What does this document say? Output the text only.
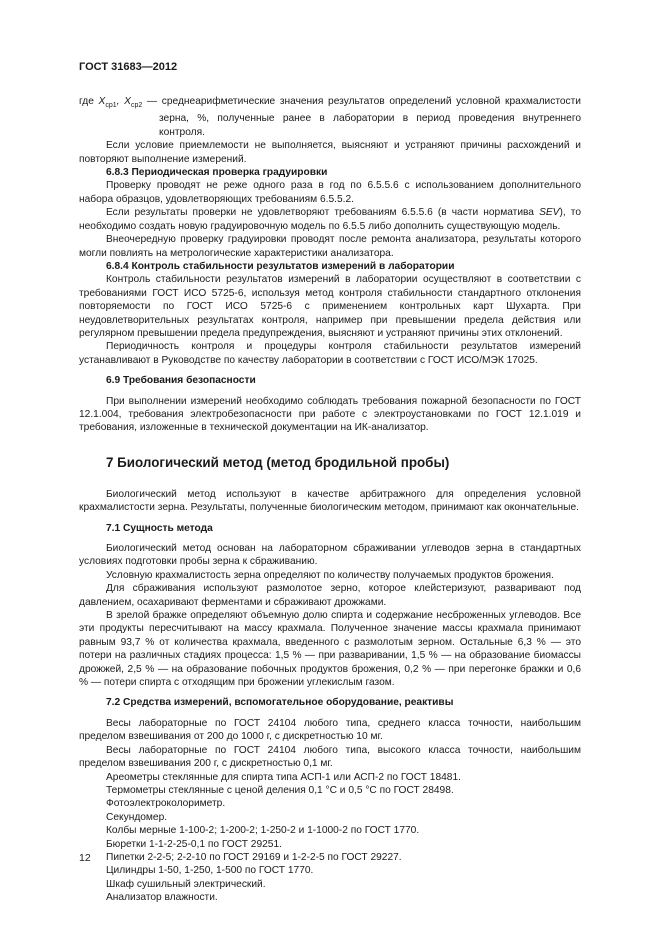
ГОСТ 31683—2012

где $X_{ср1}$, $X_{ср2}$ — среднеарифметические значения результатов определений условной крахмалистости зерна, %, полученные ранее в лаборатории в период проведения внутреннего контроля.

Если условие приемлемости не выполняется, выясняют и устраняют причины расхождений и повторяют выполнение измерений.

6.8.3 Периодическая проверка градуировки

Проверку проводят не реже одного раза в год по 6.5.5.6 с использованием дополнительного набора образцов, удовлетворяющих требованиям 6.5.5.2.

Если результаты проверки не удовлетворяют требованиям 6.5.5.6 (в части норматива SEV), то необходимо создать новую градуировочную модель по 6.5.5 либо дополнить существующую модель.

Внеочередную проверку градуировки проводят после ремонта анализатора, результаты которого могли повлиять на метрологические характеристики анализатора.

6.8.4 Контроль стабильности результатов измерений в лаборатории

Контроль стабильности результатов измерений в лаборатории осуществляют в соответствии с требованиями ГОСТ ИСО 5725-6, используя метод контроля стабильности стандартного отклонения повторяемости по ГОСТ ИСО 5725-6 с применением контрольных карт Шухарта. При неудовлетворительных результатах контроля, например при превышении предела действия или регулярном превышении предела предупреждения, выясняют и устраняют причины этих отклонений.

Периодичность контроля и процедуры контроля стабильности результатов измерений устанавливают в Руководстве по качеству лаборатории в соответствии с ГОСТ ИСО/МЭК 17025.

6.9 Требования безопасности

При выполнении измерений необходимо соблюдать требования пожарной безопасности по ГОСТ 12.1.004, требования электробезопасности при работе с электроустановками по ГОСТ 12.1.019 и требования, изложенные в технической документации на ИК-анализатор.

7 Биологический метод (метод бродильной пробы)

Биологический метод используют в качестве арбитражного для определения условной крахмалистости зерна. Результаты, полученные биологическим методом, принимают как окончательные.

7.1 Сущность метода

Биологический метод основан на лабораторном сбраживании углеводов зерна в стандартных условиях подготовки пробы зерна к сбраживанию.

Условную крахмалистость зерна определяют по количеству получаемых продуктов брожения.

Для сбраживания используют размолотое зерно, которое клейстеризуют, разваривают под давлением, осахаривают ферментами и сбраживают дрожжами.

В зрелой бражке определяют объемную долю спирта и содержание несброженных углеводов. Все эти продукты пересчитывают на массу крахмала. Полученное значение массы крахмала принимают равным 93,7 % от количества крахмала, введенного с размолотым зерном. Остальные 6,3 % — это потери на различных стадиях процесса: 1,5 % — при разваривании, 1,5 % — на образование биомассы дрожжей, 2,5 % — на образование побочных продуктов брожения, 0,2 % — при перегонке бражки и 0,6 % — потери спирта с отходящим при брожении углекислым газом.

7.2 Средства измерений, вспомогательное оборудование, реактивы

Весы лабораторные по ГОСТ 24104 любого типа, среднего класса точности, наибольшим пределом взвешивания от 200 до 1000 г, с дискретностью 10 мг.

Весы лабораторные по ГОСТ 24104 любого типа, высокого класса точности, наибольшим пределом взвешивания 200 г, с дискретностью 0,1 мг.

Ареометры стеклянные для спирта типа АСП-1 или АСП-2 по ГОСТ 18481.

Термометры стеклянные с ценой деления 0,1 °С и 0,5 °С по ГОСТ 28498.

Фотоэлектроколориметр.

Секундомер.

Колбы мерные 1-100-2; 1-200-2; 1-250-2 и 1-1000-2 по ГОСТ 1770.

Бюретки 1-1-2-25-0,1 по ГОСТ 29251.

Пипетки 2-2-5; 2-2-10 по ГОСТ 29169 и 1-2-2-5 по ГОСТ 29227.

Цилиндры 1-50, 1-250, 1-500 по ГОСТ 1770.

Шкаф сушильный электрический.

Анализатор влажности.

12
